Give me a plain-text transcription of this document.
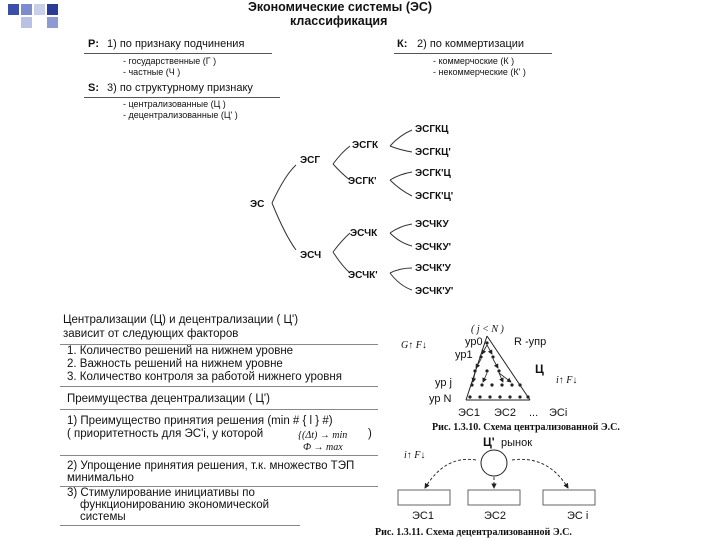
Экономические системы (ЭС)
классификация
P: 1) по признаку подчинения
- государственные (Г )
- частные (Ч )
К: 2) по коммертизации
- коммерчоские (К )
- некоммерческие (К' )
S: 3) по структурному признаку
- централизованные (Ц )
- децентрализованные (Ц' )
ЭС
ЭСГ
ЭСЧ
ЭСГК
ЭСГК'
ЭСЧК
ЭСЧК'
ЭСГКЦ
ЭСГКЦ'
ЭСГК'Ц
ЭСГК'Ц'
ЭСЧКУ
ЭСЧКУ'
ЭСЧК'У
ЭСЧК'У'
Централизации (Ц) и децентрализации ( Ц')
зависит от следующих факторов
1. Количество решений на нижнем уровне
2. Важность решений на нижнем уровне
3. Количество контроля за работой нижнего уровня
Преимущества децентрализации ( Ц')
1) Преимущество принятия решения (min # { l } #)
( приоритетность для ЭС'i, у которой	{(Δt) → min
Ф → max
)
2) Упрощение принятия решения, т.к. множество ТЭП
минимально
3) Стимулирование инициативы по
функционированию экономической
системы
ур0
ур1
ур j
ур N
R -упр
ЭС1 ЭС2 ... ЭСi
Ц
( j < N )
G↑ F↓
i↑ F↓
Рис. 1.3.10. Схема централизованной Э.С.
рынок
ЭС1	ЭС2	ЭС i
Ц'
i↑ F↓
Рис. 1.3.11. Схема децентрализованной Э.С.
